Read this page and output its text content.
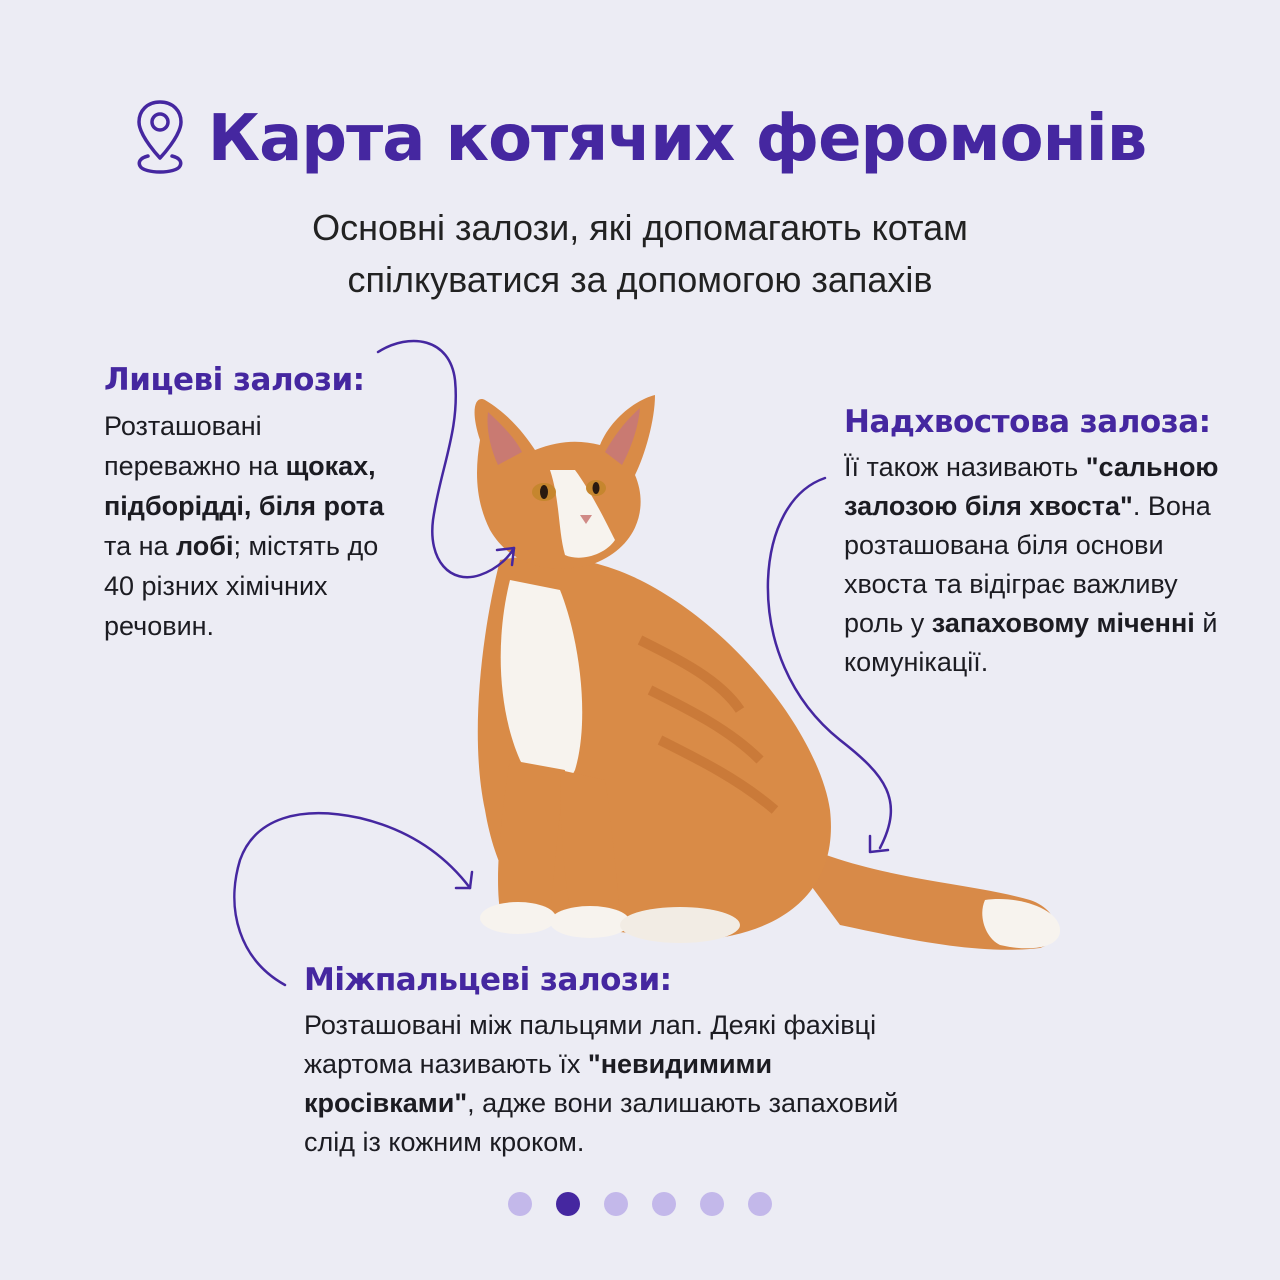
Карта котячих феромонів

Основні залози, які допомагають котам спілкуватися за допомогою запахів

Лицеві залози:

Розташовані переважно на щоках, підборідді, біля рота та на лобі; містять до 40 різних хімічних речовин.

Надхвостова залоза:

Її також називають "сальною залозою біля хвоста". Вона розташована біля основи хвоста та відіграє важливу роль у запаховому міченні й комунікації.

Міжпальцеві залози:

Розташовані між пальцями лап. Деякі фахівці жартома називають їх "невидимими кросівками", адже вони залишають запаховий слід із кожним кроком.
